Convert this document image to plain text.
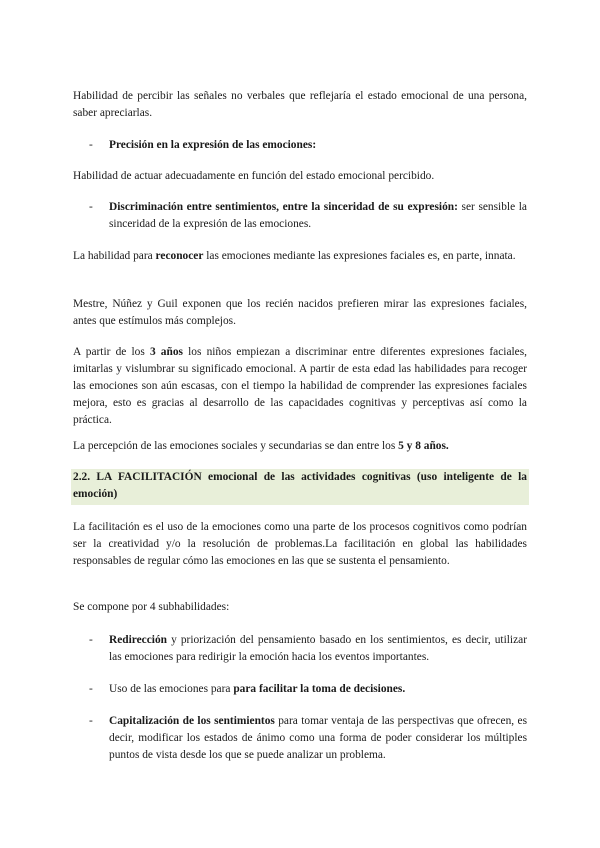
Habilidad de percibir las señales no verbales que reflejaría el estado emocional de una persona, saber apreciarlas.

-	Precisión en la expresión de las emociones:

Habilidad de actuar adecuadamente en función del estado emocional percibido.

-	Discriminación entre sentimientos, entre la sinceridad de su expresión: ser sensible la sinceridad de la expresión de las emociones.

La habilidad para reconocer las emociones mediante las expresiones faciales es, en parte, innata.

Mestre, Núñez y Guil exponen que los recién nacidos prefieren mirar las expresiones faciales, antes que estímulos más complejos.

A partir de los 3 años los niños empiezan a discriminar entre diferentes expresiones faciales, imitarlas y vislumbrar su significado emocional. A partir de esta edad las habilidades para recoger las emociones son aún escasas, con el tiempo la habilidad de comprender las expresiones faciales mejora, esto es gracias al desarrollo de las capacidades cognitivas y perceptivas así como la práctica.

La percepción de las emociones sociales y secundarias se dan entre los 5 y 8 años.

2.2. LA FACILITACIÓN emocional de las actividades cognitivas (uso inteligente de la emoción)

La facilitación es el uso de la emociones como una parte de los procesos cognitivos como podrían ser la creatividad y/o la resolución de problemas.La facilitación en global las habilidades responsables de regular cómo las emociones en las que se sustenta el pensamiento.

Se compone por 4 subhabilidades:

-	Redirección y priorización del pensamiento basado en los sentimientos, es decir, utilizar las emociones para redirigir la emoción hacia los eventos importantes.
-	Uso de las emociones para para facilitar la toma de decisiones.
-	Capitalización de los sentimientos para tomar ventaja de las perspectivas que ofrecen, es decir, modificar los estados de ánimo como una forma de poder considerar los múltiples puntos de vista desde los que se puede analizar un problema.
